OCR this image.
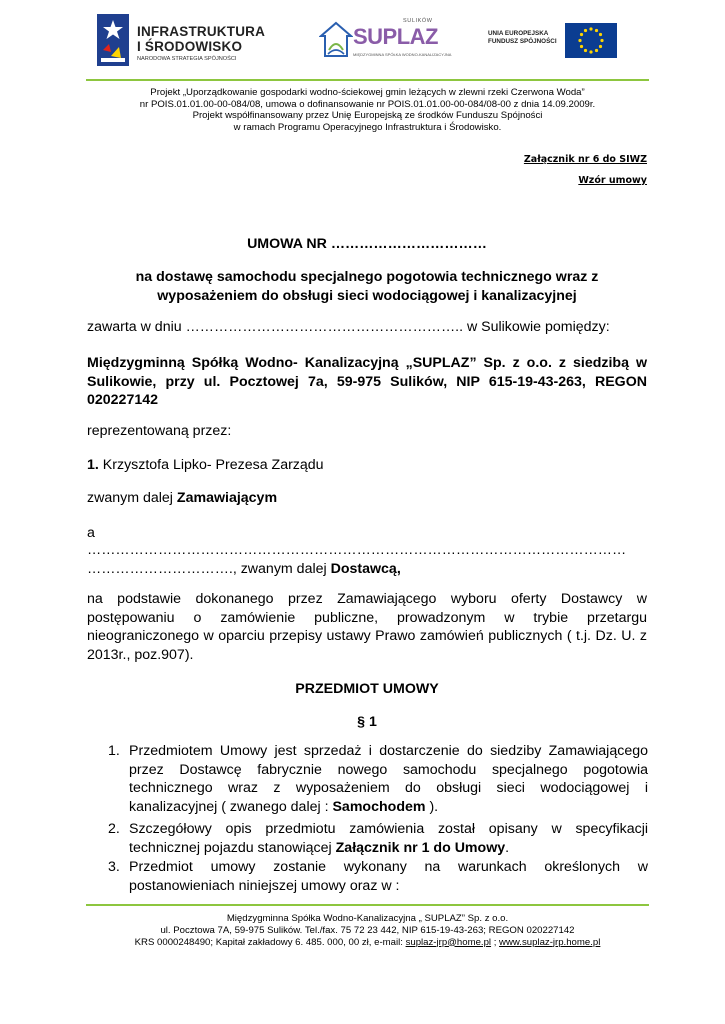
INFRASTRUKTURA
I ŚRODOWISKO
NARODOWA STRATEGIA SPÓJNOŚCI
SULIKÓW
SUPLAZ
MIĘDZYGMINNA SPÓŁKA WODNO-KANALIZACYJNA
UNIA EUROPEJSKA
FUNDUSZ SPÓJNOŚCI
Projekt „Uporządkowanie gospodarki wodno-ściekowej gmin leżących w zlewni rzeki Czerwona Woda”
nr POIS.01.01.00-00-084/08, umowa o dofinansowanie nr POIS.01.01.00-00-084/08-00 z dnia 14.09.2009r.
Projekt współfinansowany przez Unię Europejską ze środków Funduszu Spójności
w ramach Programu Operacyjnego Infrastruktura i Środowisko.
Załącznik nr 6 do SIWZ
Wzór umowy
UMOWA NR ……………………………
na dostawę samochodu specjalnego pogotowia technicznego wraz z
wyposażeniem do obsługi sieci wodociągowej i kanalizacyjnej
zawarta w dniu ………………………………………………….. w Sulikowie pomiędzy:
Międzygminną Spółką Wodno- Kanalizacyjną „SUPLAZ” Sp. z o.o. z siedzibą w Sulikowie, przy ul. Pocztowej 7a, 59-975 Sulików, NIP 615-19-43-263, REGON 020227142
reprezentowaną przez:
1. Krzysztofa Lipko- Prezesa Zarządu
zwanym dalej Zamawiającym
a
……………………………………………………………………………………………………
…………………………., zwanym dalej Dostawcą,
na podstawie dokonanego przez Zamawiającego wyboru oferty Dostawcy w postępowaniu o zamówienie publiczne, prowadzonym w trybie przetargu nieograniczonego w oparciu przepisy ustawy Prawo zamówień publicznych ( t.j. Dz. U. z 2013r., poz.907).
PRZEDMIOT UMOWY
§ 1
1. Przedmiotem Umowy jest sprzedaż i dostarczenie do siedziby Zamawiającego przez Dostawcę fabrycznie nowego samochodu specjalnego pogotowia technicznego wraz z wyposażeniem do obsługi sieci wodociągowej i kanalizacyjnej ( zwanego dalej : Samochodem ).
2. Szczegółowy opis przedmiotu zamówienia został opisany w specyfikacji technicznej pojazdu stanowiącej Załącznik nr 1 do Umowy.
3. Przedmiot umowy zostanie wykonany na warunkach określonych w postanowieniach niniejszej umowy oraz w :
Międzygminna Spółka Wodno-Kanalizacyjna „ SUPLAZ” Sp. z o.o.
ul. Pocztowa 7A, 59-975 Sulików. Tel./fax. 75 72 23 442, NIP 615-19-43-263; REGON 020227142
KRS 0000248490; Kapitał zakładowy 6. 485. 000, 00 zł, e-mail: suplaz-jrp@home.pl ; www.suplaz-jrp.home.pl
